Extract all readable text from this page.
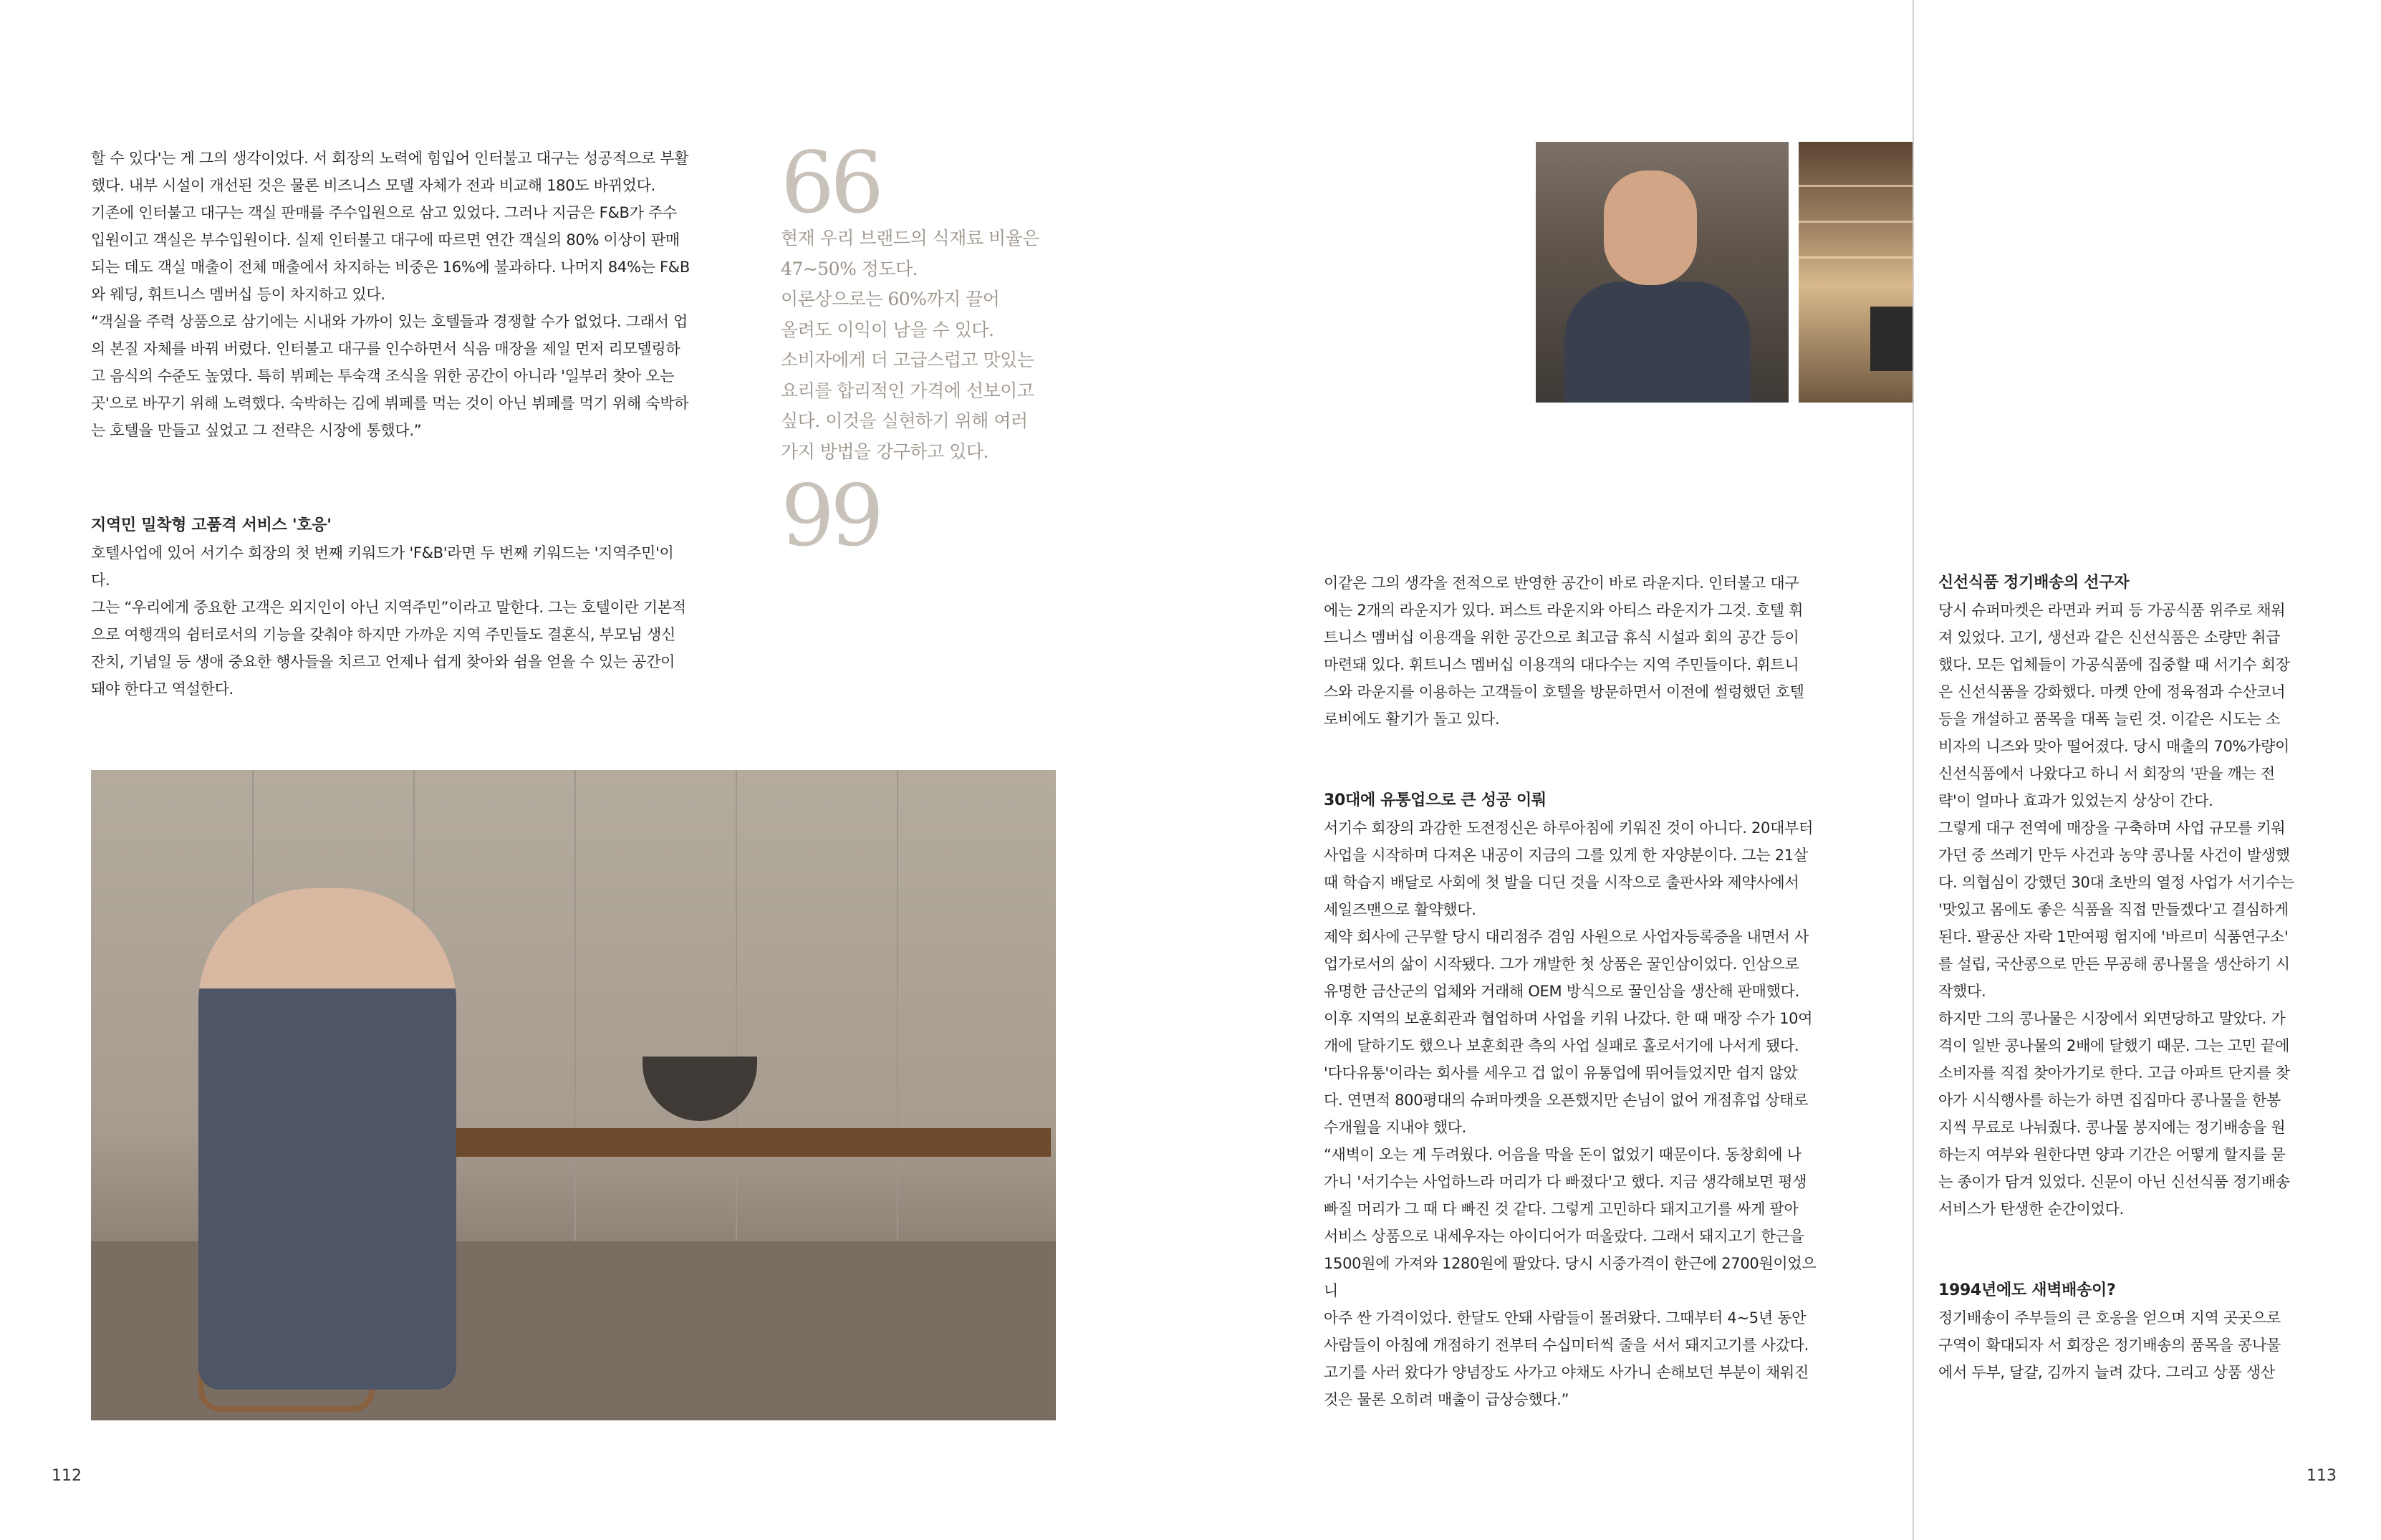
할 수 있다'는 게 그의 생각이었다. 서 회장의 노력에 힘입어 인터불고 대구는 성공적으로 부활

했다. 내부 시설이 개선된 것은 물론 비즈니스 모델 자체가 전과 비교해 180도 바뀌었다.

기존에 인터불고 대구는 객실 판매를 주수입원으로 삼고 있었다. 그러나 지금은 F&B가 주수

입원이고 객실은 부수입원이다. 실제 인터불고 대구에 따르면 연간 객실의 80% 이상이 판매

되는 데도 객실 매출이 전체 매출에서 차지하는 비중은 16%에 불과하다. 나머지 84%는 F&B

와 웨딩, 휘트니스 멤버십 등이 차지하고 있다.

“객실을 주력 상품으로 삼기에는 시내와 가까이 있는 호텔들과 경쟁할 수가 없었다. 그래서 업

의 본질 자체를 바꿔 버렸다. 인터불고 대구를 인수하면서 식음 매장을 제일 먼저 리모델링하

고 음식의 수준도 높였다. 특히 뷔페는 투숙객 조식을 위한 공간이 아니라 '일부러 찾아 오는

곳'으로 바꾸기 위해 노력했다. 숙박하는 김에 뷔페를 먹는 것이 아닌 뷔페를 먹기 위해 숙박하

는 호텔을 만들고 싶었고 그 전략은 시장에 통했다.”

지역민 밀착형 고품격 서비스 '호응'

호텔사업에 있어 서기수 회장의 첫 번째 키워드가 'F&B'라면 두 번째 키워드는 '지역주민'이다.

그는 “우리에게 중요한 고객은 외지인이 아닌 지역주민”이라고 말한다. 그는 호텔이란 기본적

으로 여행객의 쉼터로서의 기능을 갖춰야 하지만 가까운 지역 주민들도 결혼식, 부모님 생신

잔치, 기념일 등 생애 중요한 행사들을 치르고 언제나 쉽게 찾아와 쉼을 얻을 수 있는 공간이

돼야 한다고 역설한다.

66
현재 우리 브랜드의 식재료 비율은
47~50% 정도다.
이론상으로는 60%까지 끌어
올려도 이익이 남을 수 있다.
소비자에게 더 고급스럽고 맛있는
요리를 합리적인 가격에 선보이고
싶다. 이것을 실현하기 위해 여러
가지 방법을 강구하고 있다.
99

이같은 그의 생각을 전적으로 반영한 공간이 바로 라운지다. 인터불고 대구

에는 2개의 라운지가 있다. 퍼스트 라운지와 아티스 라운지가 그것. 호텔 휘

트니스 멤버십 이용객을 위한 공간으로 최고급 휴식 시설과 회의 공간 등이

마련돼 있다. 휘트니스 멤버십 이용객의 대다수는 지역 주민들이다. 휘트니

스와 라운지를 이용하는 고객들이 호텔을 방문하면서 이전에 썰렁했던 호텔

로비에도 활기가 돌고 있다.

30대에 유통업으로 큰 성공 이뤄

서기수 회장의 과감한 도전정신은 하루아침에 키워진 것이 아니다. 20대부터

사업을 시작하며 다져온 내공이 지금의 그를 있게 한 자양분이다. 그는 21살

때 학습지 배달로 사회에 첫 발을 디딘 것을 시작으로 출판사와 제약사에서

세일즈맨으로 활약했다.

제약 회사에 근무할 당시 대리점주 겸임 사원으로 사업자등록증을 내면서 사

업가로서의 삶이 시작됐다. 그가 개발한 첫 상품은 꿀인삼이었다. 인삼으로

유명한 금산군의 업체와 거래해 OEM 방식으로 꿀인삼을 생산해 판매했다.

이후 지역의 보훈회관과 협업하며 사업을 키워 나갔다. 한 때 매장 수가 10여

개에 달하기도 했으나 보훈회관 측의 사업 실패로 홀로서기에 나서게 됐다.

'다다유통'이라는 회사를 세우고 겁 없이 유통업에 뛰어들었지만 쉽지 않았

다. 연면적 800평대의 슈퍼마켓을 오픈했지만 손님이 없어 개점휴업 상태로

수개월을 지내야 했다.

“새벽이 오는 게 두려웠다. 어음을 막을 돈이 없었기 때문이다. 동창회에 나

가니 '서기수는 사업하느라 머리가 다 빠졌다'고 했다. 지금 생각해보면 평생

빠질 머리가 그 때 다 빠진 것 같다. 그렇게 고민하다 돼지고기를 싸게 팔아

서비스 상품으로 내세우자는 아이디어가 떠올랐다. 그래서 돼지고기 한근을

1500원에 가져와 1280원에 팔았다. 당시 시중가격이 한근에 2700원이었으니

아주 싼 가격이었다. 한달도 안돼 사람들이 몰려왔다. 그때부터 4~5년 동안

사람들이 아침에 개점하기 전부터 수십미터씩 줄을 서서 돼지고기를 사갔다.

고기를 사러 왔다가 양념장도 사가고 야채도 사가니 손해보던 부분이 채워진

것은 물론 오히려 매출이 급상승했다.”

112

신선식품 정기배송의 선구자

당시 슈퍼마켓은 라면과 커피 등 가공식품 위주로 채워

져 있었다. 고기, 생선과 같은 신선식품은 소량만 취급

했다. 모든 업체들이 가공식품에 집중할 때 서기수 회장

은 신선식품을 강화했다. 마켓 안에 정육점과 수산코너

등을 개설하고 품목을 대폭 늘린 것. 이같은 시도는 소

비자의 니즈와 맞아 떨어졌다. 당시 매출의 70%가량이

신선식품에서 나왔다고 하니 서 회장의 '판을 깨는 전

략'이 얼마나 효과가 있었는지 상상이 간다.

그렇게 대구 전역에 매장을 구축하며 사업 규모를 키워

가던 중 쓰레기 만두 사건과 농약 콩나물 사건이 발생했

다. 의협심이 강했던 30대 초반의 열정 사업가 서기수는

'맛있고 몸에도 좋은 식품을 직접 만들겠다'고 결심하게

된다. 팔공산 자락 1만여평 험지에 '바르미 식품연구소'

를 설립, 국산콩으로 만든 무공해 콩나물을 생산하기 시

작했다.

하지만 그의 콩나물은 시장에서 외면당하고 말았다. 가

격이 일반 콩나물의 2배에 달했기 때문. 그는 고민 끝에

소비자를 직접 찾아가기로 한다. 고급 아파트 단지를 찾

아가 시식행사를 하는가 하면 집집마다 콩나물을 한봉

지씩 무료로 나눠줬다. 콩나물 봉지에는 정기배송을 원

하는지 여부와 원한다면 양과 기간은 어떻게 할지를 묻

는 종이가 담겨 있었다. 신문이 아닌 신선식품 정기배송

서비스가 탄생한 순간이었다.

1994년에도 새벽배송이?

정기배송이 주부들의 큰 호응을 얻으며 지역 곳곳으로

구역이 확대되자 서 회장은 정기배송의 품목을 콩나물

에서 두부, 달걀, 김까지 늘려 갔다. 그리고 상품 생산

113
